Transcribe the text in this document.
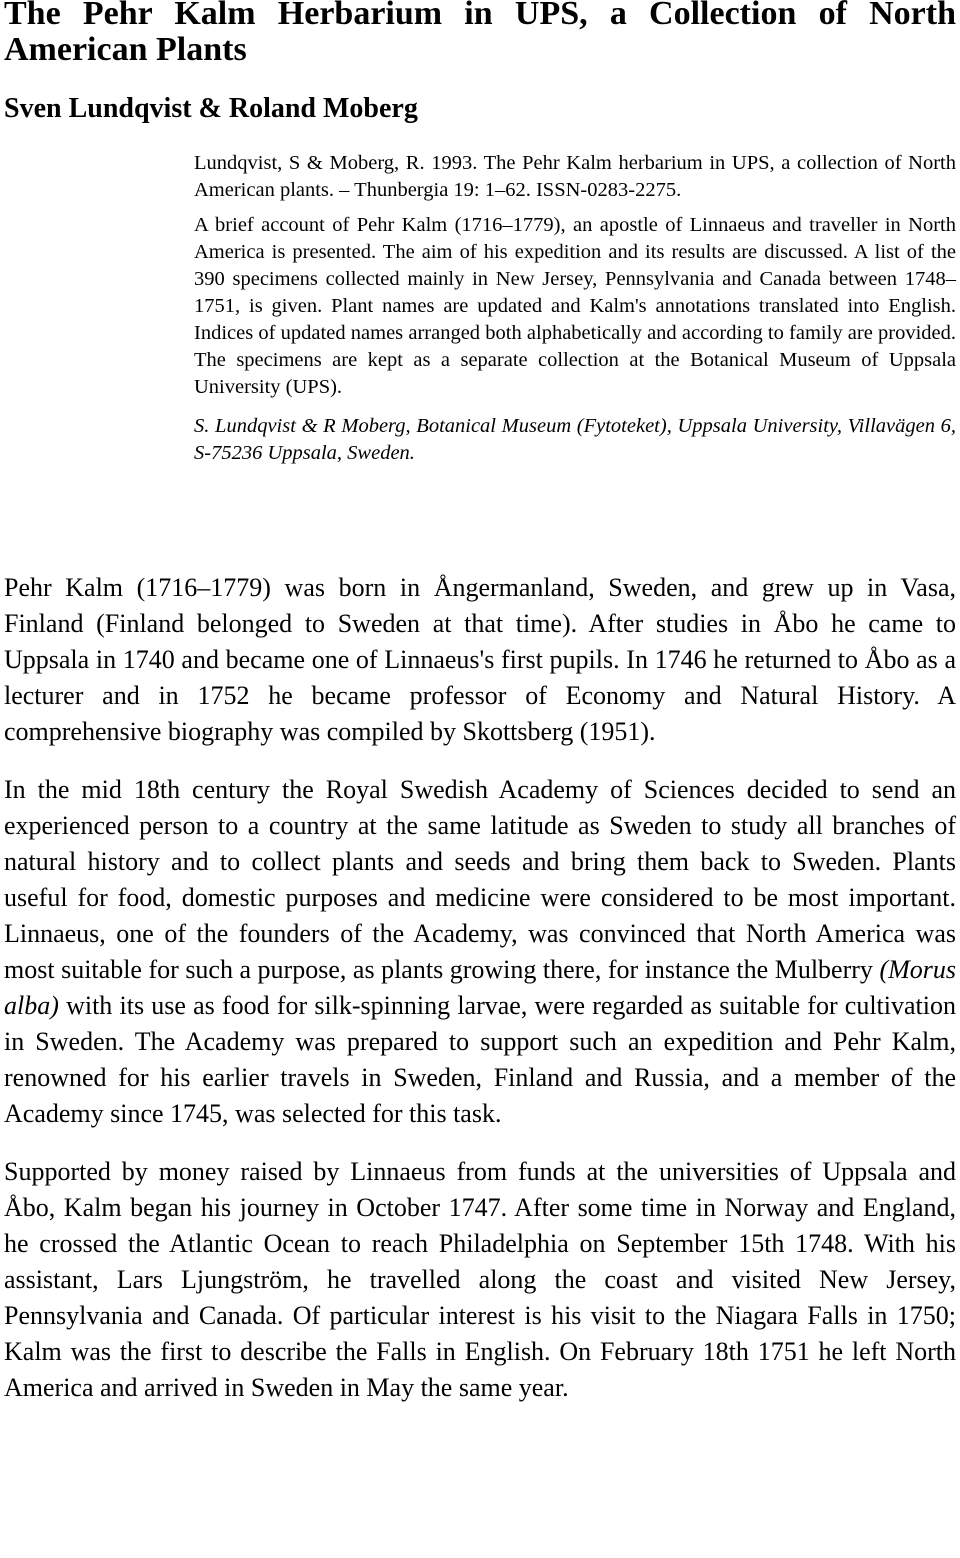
The Pehr Kalm Herbarium in UPS, a Collection of North American Plants
Sven Lundqvist & Roland Moberg

Lundqvist, S & Moberg, R. 1993. The Pehr Kalm herbarium in UPS, a collection of North American plants. – Thunbergia 19: 1–62. ISSN-0283-2275.

A brief account of Pehr Kalm (1716–1779), an apostle of Linnaeus and traveller in North America is presented. The aim of his expedition and its results are discussed. A list of the 390 specimens collected mainly in New Jersey, Pennsylvania and Canada between 1748–1751, is given. Plant names are updated and Kalm's annotations translated into English. Indices of updated names arranged both alphabetically and according to family are provided. The specimens are kept as a separate collection at the Botanical Museum of Uppsala University (UPS).

S. Lundqvist & R Moberg, Botanical Museum (Fytoteket), Uppsala University, Villavägen 6, S-75236 Uppsala, Sweden.

Pehr Kalm (1716–1779) was born in Ångermanland, Sweden, and grew up in Vasa, Finland (Finland belonged to Sweden at that time). After studies in Åbo he came to Uppsala in 1740 and became one of Linnaeus's first pupils. In 1746 he returned to Åbo as a lecturer and in 1752 he became professor of Economy and Natural History. A comprehensive biography was compiled by Skottsberg (1951).

In the mid 18th century the Royal Swedish Academy of Sciences decided to send an experienced person to a country at the same latitude as Sweden to study all branches of natural history and to collect plants and seeds and bring them back to Sweden. Plants useful for food, domestic purposes and medicine were considered to be most important. Linnaeus, one of the founders of the Academy, was convinced that North America was most suitable for such a purpose, as plants growing there, for instance the Mulberry (Morus alba) with its use as food for silk-spinning larvae, were regarded as suitable for cultivation in Sweden. The Academy was prepared to support such an expedition and Pehr Kalm, renowned for his earlier travels in Sweden, Finland and Russia, and a member of the Academy since 1745, was selected for this task.

Supported by money raised by Linnaeus from funds at the universities of Uppsala and Åbo, Kalm began his journey in October 1747. After some time in Norway and England, he crossed the Atlantic Ocean to reach Philadelphia on September 15th 1748. With his assistant, Lars Ljungström, he travelled along the coast and visited New Jersey, Pennsylvania and Canada. Of particular interest is his visit to the Niagara Falls in 1750; Kalm was the first to describe the Falls in English. On February 18th 1751 he left North America and arrived in Sweden in May the same year.
